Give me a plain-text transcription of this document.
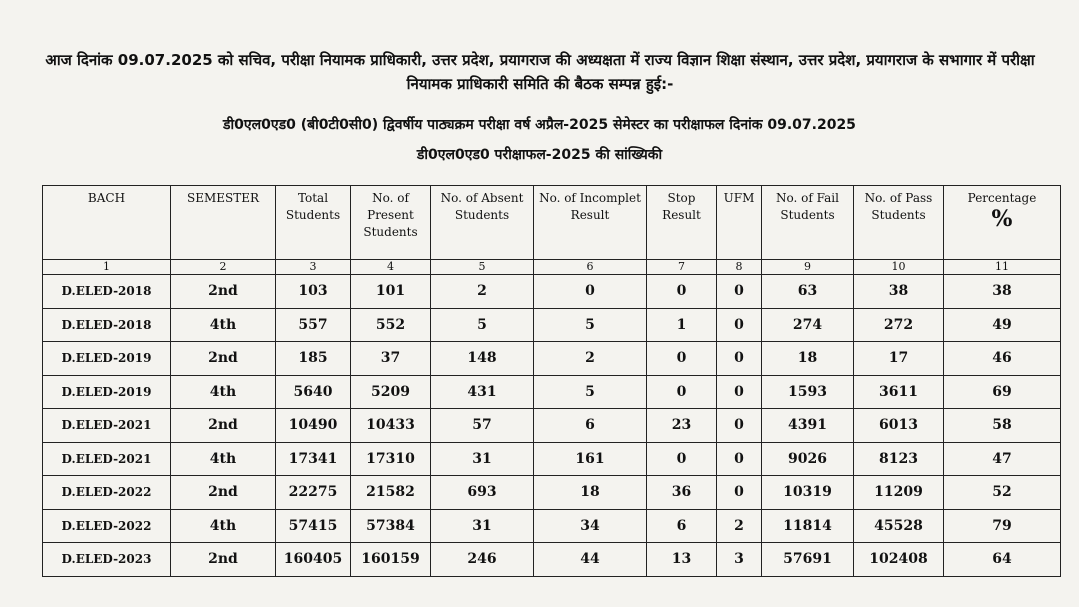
आज दिनांक 09.07.2025 को सचिव, परीक्षा नियामक प्राधिकारी, उत्तर प्रदेश, प्रयागराज की अध्यक्षता में राज्य विज्ञान शिक्षा संस्थान, उत्तर प्रदेश, प्रयागराज के सभागार में परीक्षा नियामक प्राधिकारी समिति की बैठक सम्पन्न हुई:-
डी0एल0एड0 (बी0टी0सी0) द्विवर्षीय पाठ्यक्रम परीक्षा वर्ष अप्रैल-2025 सेमेस्टर का परीक्षाफल दिनांक 09.07.2025
डी0एल0एड0 परीक्षाफल-2025 की सांख्यिकी
BACH	SEMESTER	Total Students	No. of Present Students	No. of Absent Students	No. of Incomplet Result	Stop Result	UFM	No. of Fail Students	No. of Pass Students	Percentage
%

1	2	3	4	5	6	7	8	9	10	11
D.ELED-2018	2nd	103	101	2	0	0	0	63	38	38
D.ELED-2018	4th	557	552	5	5	1	0	274	272	49
D.ELED-2019	2nd	185	37	148	2	0	0	18	17	46
D.ELED-2019	4th	5640	5209	431	5	0	0	1593	3611	69
D.ELED-2021	2nd	10490	10433	57	6	23	0	4391	6013	58
D.ELED-2021	4th	17341	17310	31	161	0	0	9026	8123	47
D.ELED-2022	2nd	22275	21582	693	18	36	0	10319	11209	52
D.ELED-2022	4th	57415	57384	31	34	6	2	11814	45528	79
D.ELED-2023	2nd	160405	160159	246	44	13	3	57691	102408	64
